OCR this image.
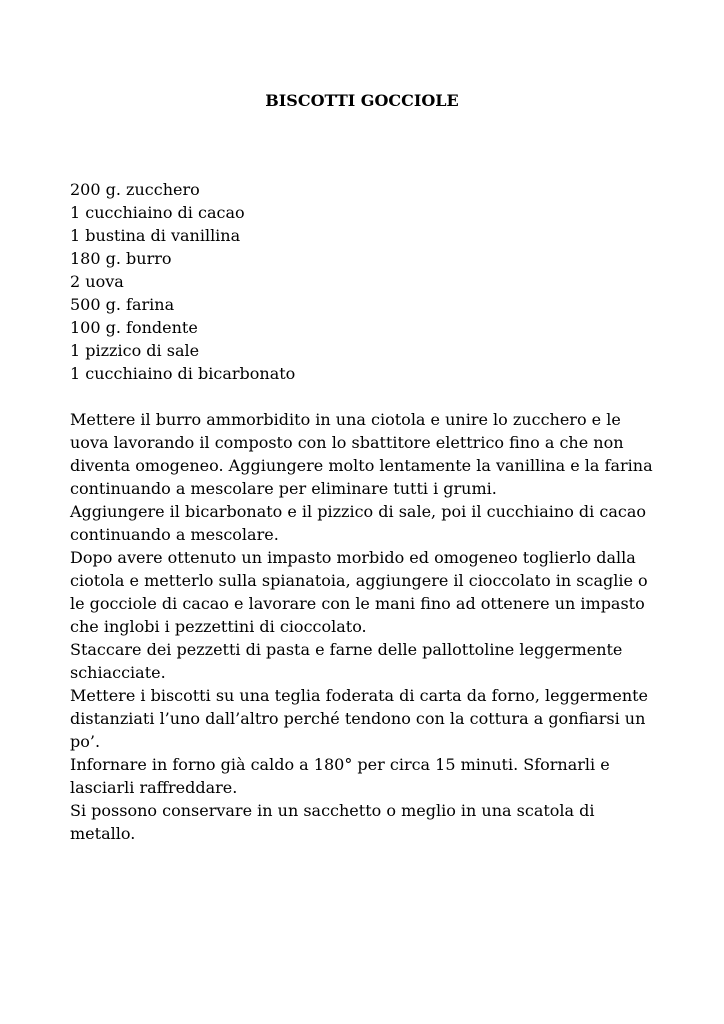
BISCOTTI GOCCIOLE
200 g. zucchero
1 cucchiaino di cacao
1 bustina di vanillina
180 g. burro
2 uova
500 g. farina
100 g. fondente
1 pizzico di sale
1 cucchiaino di bicarbonato

Mettere il burro ammorbidito in una ciotola e unire lo zucchero e le uova lavorando il composto con lo sbattitore elettrico fino a che non diventa omogeneo. Aggiungere molto lentamente la vanillina e la farina continuando a mescolare per eliminare tutti i grumi.

Aggiungere il bicarbonato e il pizzico di sale, poi il cucchiaino di cacao continuando a mescolare.

Dopo avere ottenuto un impasto morbido ed omogeneo toglierlo dalla ciotola e metterlo sulla spianatoia, aggiungere il cioccolato in scaglie o le gocciole di cacao e lavorare con le mani fino ad ottenere un impasto che inglobi i pezzettini di cioccolato.

Staccare dei pezzetti di pasta e farne delle pallottoline leggermente schiacciate.

Mettere i biscotti su una teglia foderata di carta da forno, leggermente distanziati l’uno dall’altro perché tendono con la cottura a gonfiarsi un po’.

Infornare in forno già caldo a 180° per circa 15 minuti. Sfornarli e lasciarli raffreddare.

Si possono conservare in un sacchetto o meglio in una scatola di metallo.
